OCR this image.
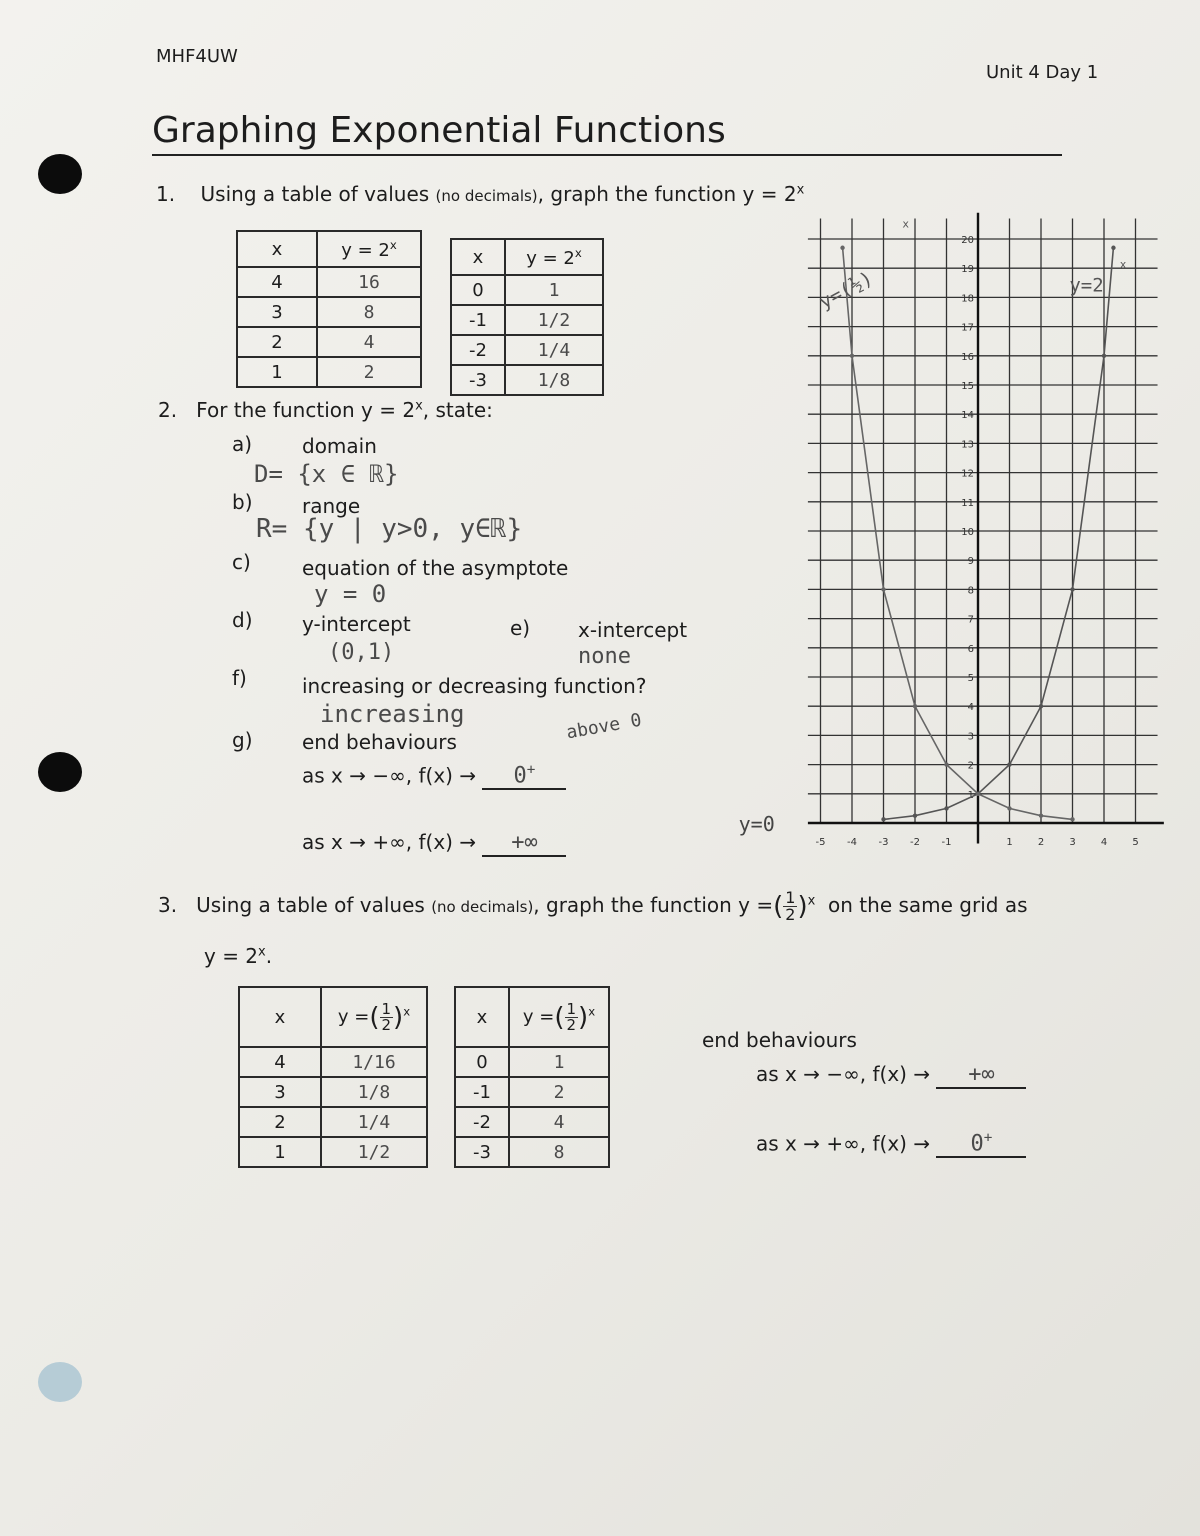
MHF4UW
Unit 4 Day 1
Graphing Exponential Functions
1. Using a table of values (no decimals), graph the function $y = 2^x$
x	$y = 2^x$
4	16
3	8
2	4
1	2
x	$y = 2^x$
0	1
-1	1/2
-2	1/4
-3	1/8
2. For the function $y = 2^x$, state:
a) domain
D= {x ∈ ℝ}
b) range
R= {y | y>0, y∈ℝ}
c)	equation of the asymptote
y = 0
d) y-intercept
(0,1)
e) x-intercept
none
f)	increasing or decreasing function?
increasing
g) end behaviours	above 0
as x → −∞, f(x) → 0+
as x → +∞, f(x) → +∞
20
19
18
17
16
15
14
13
12
11
10
9
8
7
6
5
4
3
2
1
-5 -4 -3 -2 -1	1	2	3	4	5
y=2
x
y=(½)
x
y=0
3. Using a table of values (no decimals), graph the function y =( $\frac{1}{2} )^x$ on the same grid as
$y = 2^x$.
x	y =( $\frac{1}{2} )^x$
4	1/16
3	1/8
2	1/4
1	1/2
x	y =( $\frac{1}{2} )^x$
0	1
-1	2
-2	4
-3	8
end behaviours
as x → −∞, f(x) → +∞
as x → +∞, f(x) → 0+
